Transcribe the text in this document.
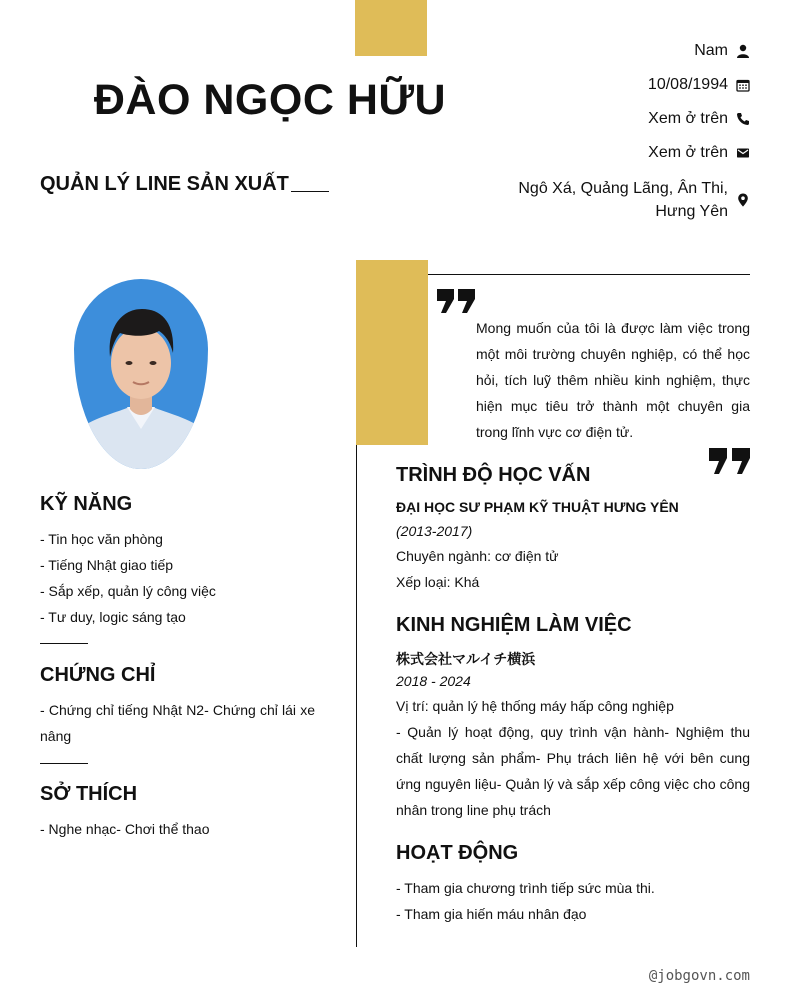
ĐÀO NGỌC HỮU
QUẢN LÝ LINE SẢN XUẤT
Nam
10/08/1994
Xem ở trên
Xem ở trên
Ngô Xá, Quảng Lãng, Ân Thi, Hưng Yên
KỸ NĂNG
- Tin học văn phòng
- Tiếng Nhật giao tiếp
- Sắp xếp, quản lý công việc
- Tư duy, logic sáng tạo
CHỨNG CHỈ
- Chứng chỉ tiếng Nhật N2- Chứng chỉ lái xe nâng
SỞ THÍCH
- Nghe nhạc- Chơi thể thao
Mong muốn của tôi là được làm việc trong một môi trường chuyên nghiệp, có thể học hỏi, tích luỹ thêm nhiều kinh nghiệm, thực hiện mục tiêu trở thành một chuyên gia trong lĩnh vực cơ điện tử.
TRÌNH ĐỘ HỌC VẤN
ĐẠI HỌC SƯ PHẠM KỸ THUẬT HƯNG YÊN
(2013-2017)
Chuyên ngành: cơ điện tử
Xếp loại: Khá
KINH NGHIỆM LÀM VIỆC
株式会社マルイチ横浜
2018 - 2024
Vị trí: quản lý hệ thống máy hấp công nghiệp
- Quản lý hoạt động, quy trình vận hành- Nghiệm thu chất lượng sản phẩm- Phụ trách liên hệ với bên cung ứng nguyên liệu- Quản lý và sắp xếp công việc cho công nhân trong line phụ trách
HOẠT ĐỘNG
- Tham gia chương trình tiếp sức mùa thi.
- Tham gia hiến máu nhân đạo
@jobgovn.com
